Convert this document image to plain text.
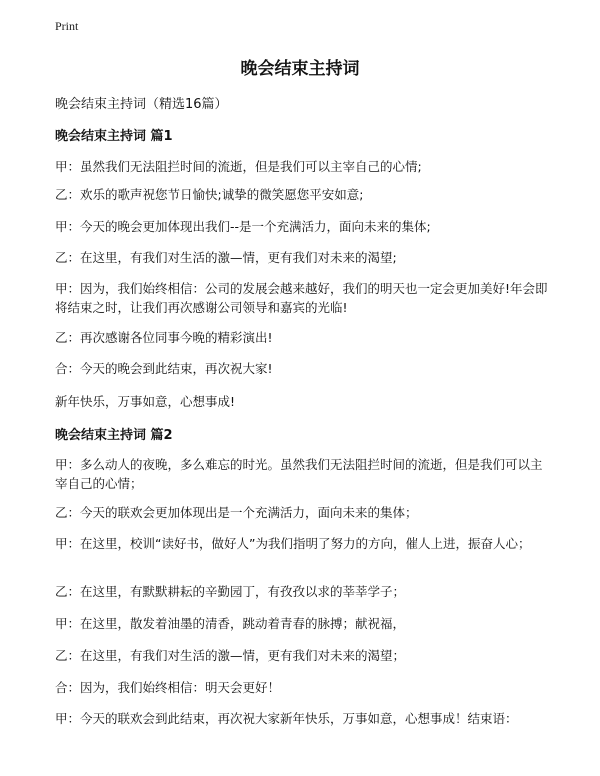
Print
晚会结束主持词

晚会结束主持词（精选16篇）

晚会结束主持词 篇1

甲：虽然我们无法阻拦时间的流逝，但是我们可以主宰自己的心情;

乙：欢乐的歌声祝您节日愉快;诚挚的微笑愿您平安如意;

甲：今天的晚会更加体现出我们--是一个充满活力，面向未来的集体;

乙：在这里，有我们对生活的激—情，更有我们对未来的渴望;

甲：因为，我们始终相信：公司的发展会越来越好，我们的明天也一定会更加美好!年会即将结束之时，让我们再次感谢公司领导和嘉宾的光临!

乙：再次感谢各位同事今晚的精彩演出!

合：今天的晚会到此结束，再次祝大家!

新年快乐，万事如意，心想事成!

晚会结束主持词 篇2

甲：多么动人的夜晚，多么难忘的时光。虽然我们无法阻拦时间的流逝，但是我们可以主宰自己的心情；

乙：今天的联欢会更加体现出是一个充满活力，面向未来的集体；

甲：在这里，校训“读好书，做好人”为我们指明了努力的方向，催人上进，振奋人心；

乙：在这里，有默默耕耘的辛勤园丁，有孜孜以求的莘莘学子；

甲：在这里，散发着油墨的清香，跳动着青春的脉搏；献祝福，

乙：在这里，有我们对生活的激—情，更有我们对未来的渴望；

合：因为，我们始终相信：明天会更好！

甲：今天的联欢会到此结束，再次祝大家新年快乐，万事如意，心想事成！结束语：
